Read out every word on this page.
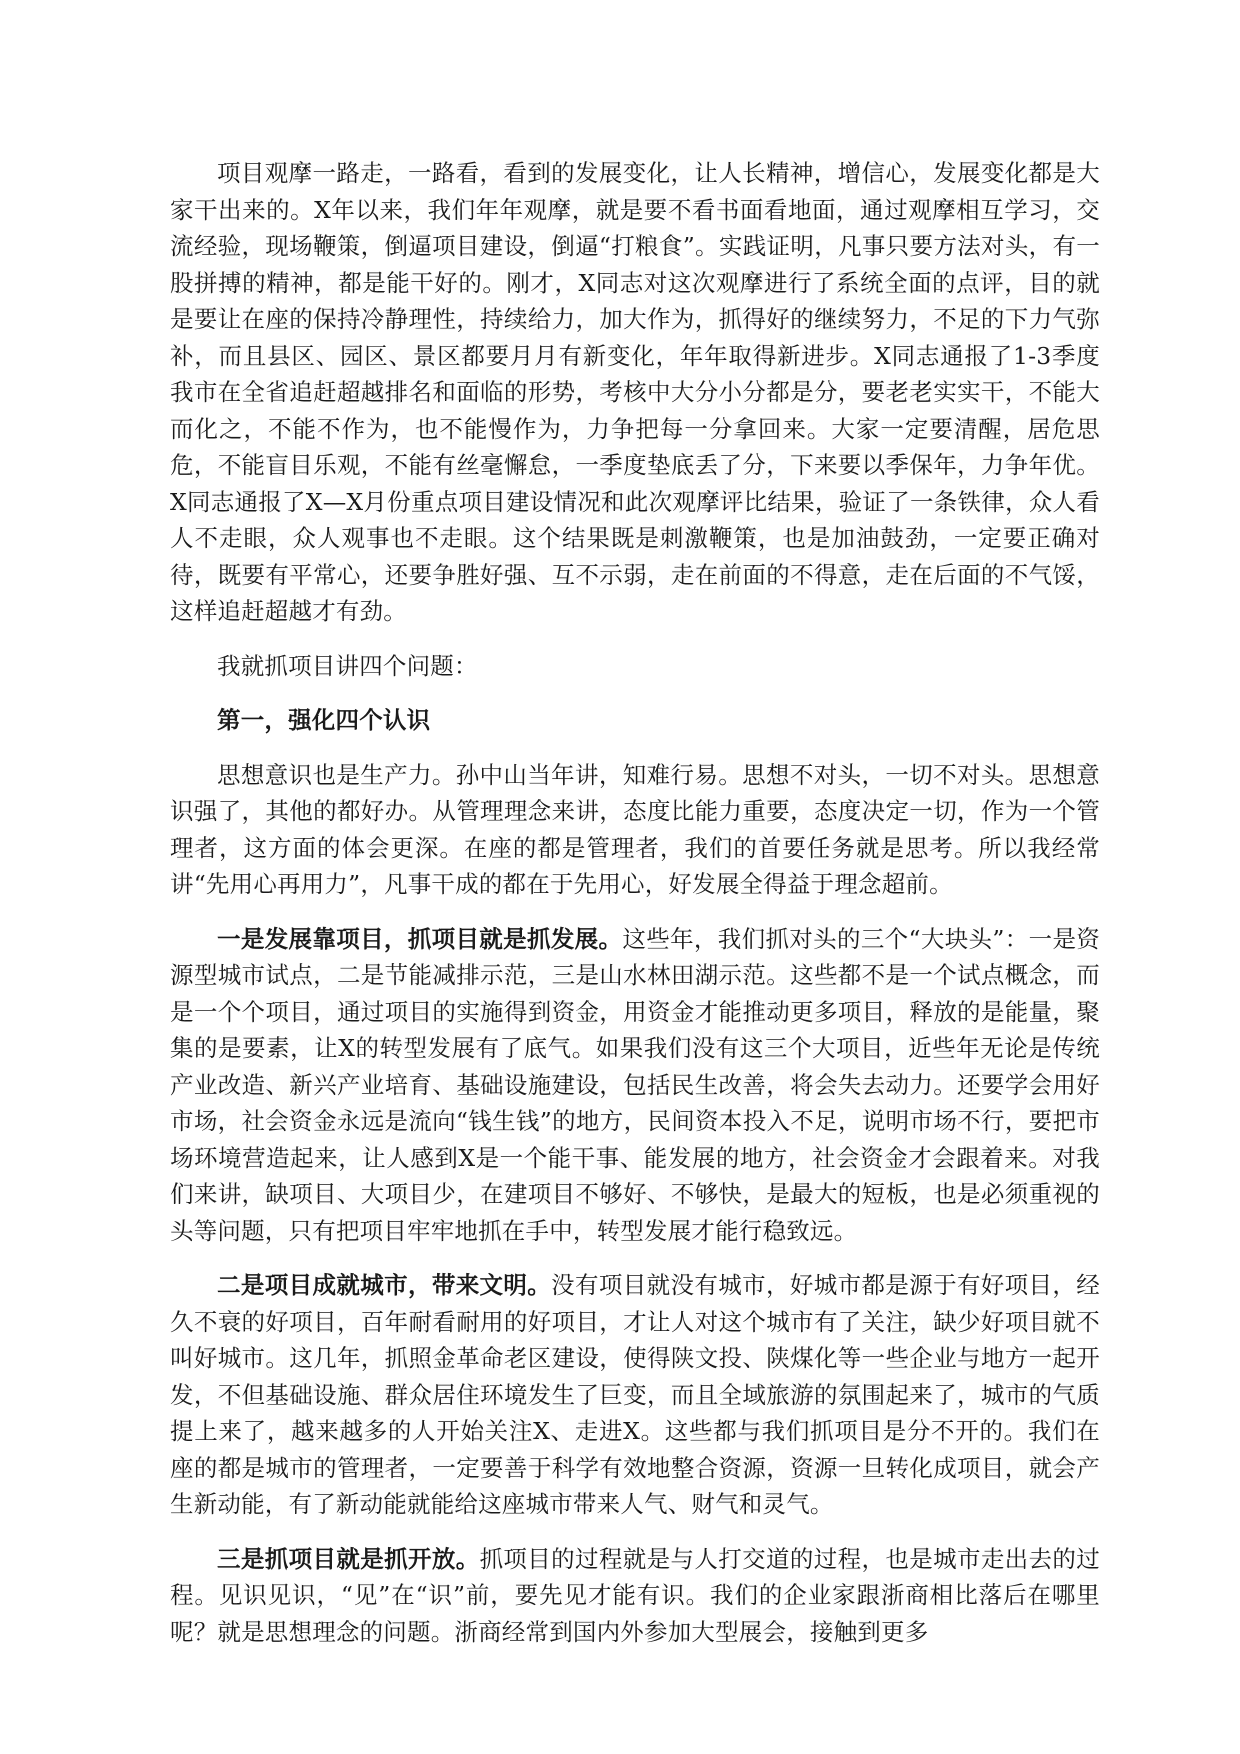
项目观摩一路走，一路看，看到的发展变化，让人长精神，增信心，发展变化都是大家干出来的。X年以来，我们年年观摩，就是要不看书面看地面，通过观摩相互学习，交流经验，现场鞭策，倒逼项目建设，倒逼“打粮食”。实践证明，凡事只要方法对头，有一股拼搏的精神，都是能干好的。刚才，X同志对这次观摩进行了系统全面的点评，目的就是要让在座的保持冷静理性，持续给力，加大作为，抓得好的继续努力，不足的下力气弥补，而且县区、园区、景区都要月月有新变化，年年取得新进步。X同志通报了1-3季度我市在全省追赶超越排名和面临的形势，考核中大分小分都是分，要老老实实干，不能大而化之，不能不作为，也不能慢作为，力争把每一分拿回来。大家一定要清醒，居危思危，不能盲目乐观，不能有丝毫懈怠，一季度垫底丢了分，下来要以季保年，力争年优。X同志通报了X—X月份重点项目建设情况和此次观摩评比结果，验证了一条铁律，众人看人不走眼，众人观事也不走眼。这个结果既是刺激鞭策，也是加油鼓劲，一定要正确对待，既要有平常心，还要争胜好强、互不示弱，走在前面的不得意，走在后面的不气馁，这样追赶超越才有劲。

我就抓项目讲四个问题：

第一，强化四个认识

思想意识也是生产力。孙中山当年讲，知难行易。思想不对头，一切不对头。思想意识强了，其他的都好办。从管理理念来讲，态度比能力重要，态度决定一切，作为一个管理者，这方面的体会更深。在座的都是管理者，我们的首要任务就是思考。所以我经常讲“先用心再用力”，凡事干成的都在于先用心，好发展全得益于理念超前。

一是发展靠项目，抓项目就是抓发展。这些年，我们抓对头的三个“大块头”：一是资源型城市试点，二是节能减排示范，三是山水林田湖示范。这些都不是一个试点概念，而是一个个项目，通过项目的实施得到资金，用资金才能推动更多项目，释放的是能量，聚集的是要素，让X的转型发展有了底气。如果我们没有这三个大项目，近些年无论是传统产业改造、新兴产业培育、基础设施建设，包括民生改善，将会失去动力。还要学会用好市场，社会资金永远是流向“钱生钱”的地方，民间资本投入不足，说明市场不行，要把市场环境营造起来，让人感到X是一个能干事、能发展的地方，社会资金才会跟着来。对我们来讲，缺项目、大项目少，在建项目不够好、不够快，是最大的短板，也是必须重视的头等问题，只有把项目牢牢地抓在手中，转型发展才能行稳致远。

二是项目成就城市，带来文明。没有项目就没有城市，好城市都是源于有好项目，经久不衰的好项目，百年耐看耐用的好项目，才让人对这个城市有了关注，缺少好项目就不叫好城市。这几年，抓照金革命老区建设，使得陕文投、陕煤化等一些企业与地方一起开发，不但基础设施、群众居住环境发生了巨变，而且全域旅游的氛围起来了，城市的气质提上来了，越来越多的人开始关注X、走进X。这些都与我们抓项目是分不开的。我们在座的都是城市的管理者，一定要善于科学有效地整合资源，资源一旦转化成项目，就会产生新动能，有了新动能就能给这座城市带来人气、财气和灵气。

三是抓项目就是抓开放。抓项目的过程就是与人打交道的过程，也是城市走出去的过程。见识见识，“见”在“识”前，要先见才能有识。我们的企业家跟浙商相比落后在哪里呢？就是思想理念的问题。浙商经常到国内外参加大型展会，接触到更多
